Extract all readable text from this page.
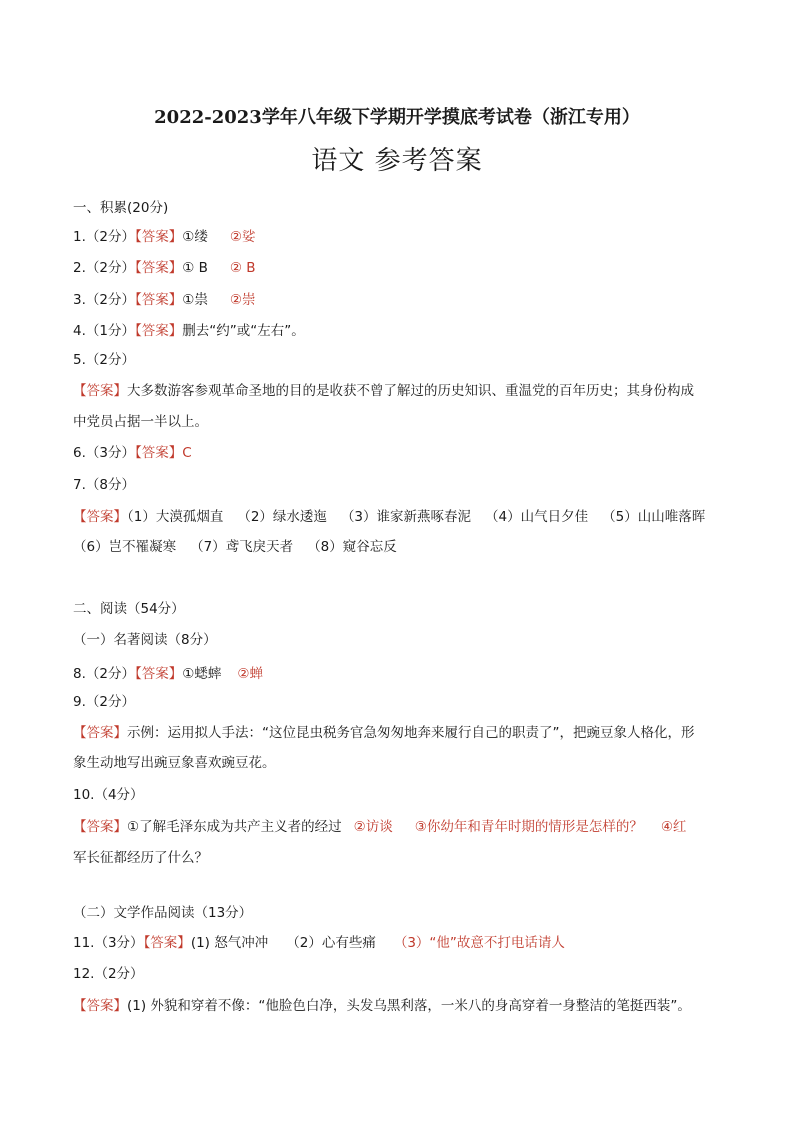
2022-2023学年八年级下学期开学摸底考试卷（浙江专用）
语文 参考答案
一、积累(20分)
1.（2分）【答案】①缕 ②娑
2.（2分）【答案】① B ② B
3.（2分）【答案】①祟 ②崇
4.（1分）【答案】删去“约”或“左右”。
5.（2分）
【答案】大多数游客参观革命圣地的目的是收获不曾了解过的历史知识、重温党的百年历史；其身份构成
中党员占据一半以上。
6.（3分）【答案】C
7.（8分）
【答案】（1）大漠孤烟直 （2）绿水逶迤 （3）谁家新燕啄春泥 （4）山气日夕佳 （5）山山唯落晖
（6）岂不罹凝寒 （7）鸢飞戾天者 （8）窥谷忘反
二、阅读（54分）
（一）名著阅读（8分）
8.（2分）【答案】①蟋蟀 ②蝉
9.（2分）
【答案】示例：运用拟人手法：“这位昆虫税务官急匆匆地奔来履行自己的职责了”，把豌豆象人格化，形
象生动地写出豌豆象喜欢豌豆花。
10.（4分）
【答案】①了解毛泽东成为共产主义者的经过 ②访谈 ③你幼年和青年时期的情形是怎样的？ ④红
军长征都经历了什么？
（二）文学作品阅读（13分）
11.（3分）【答案】(1) 怒气冲冲 （2）心有些痛 （3）“他”故意不打电话请人
12.（2分）
【答案】(1) 外貌和穿着不像：“他脸色白净，头发乌黑利落，一米八的身高穿着一身整洁的笔挺西装”。
